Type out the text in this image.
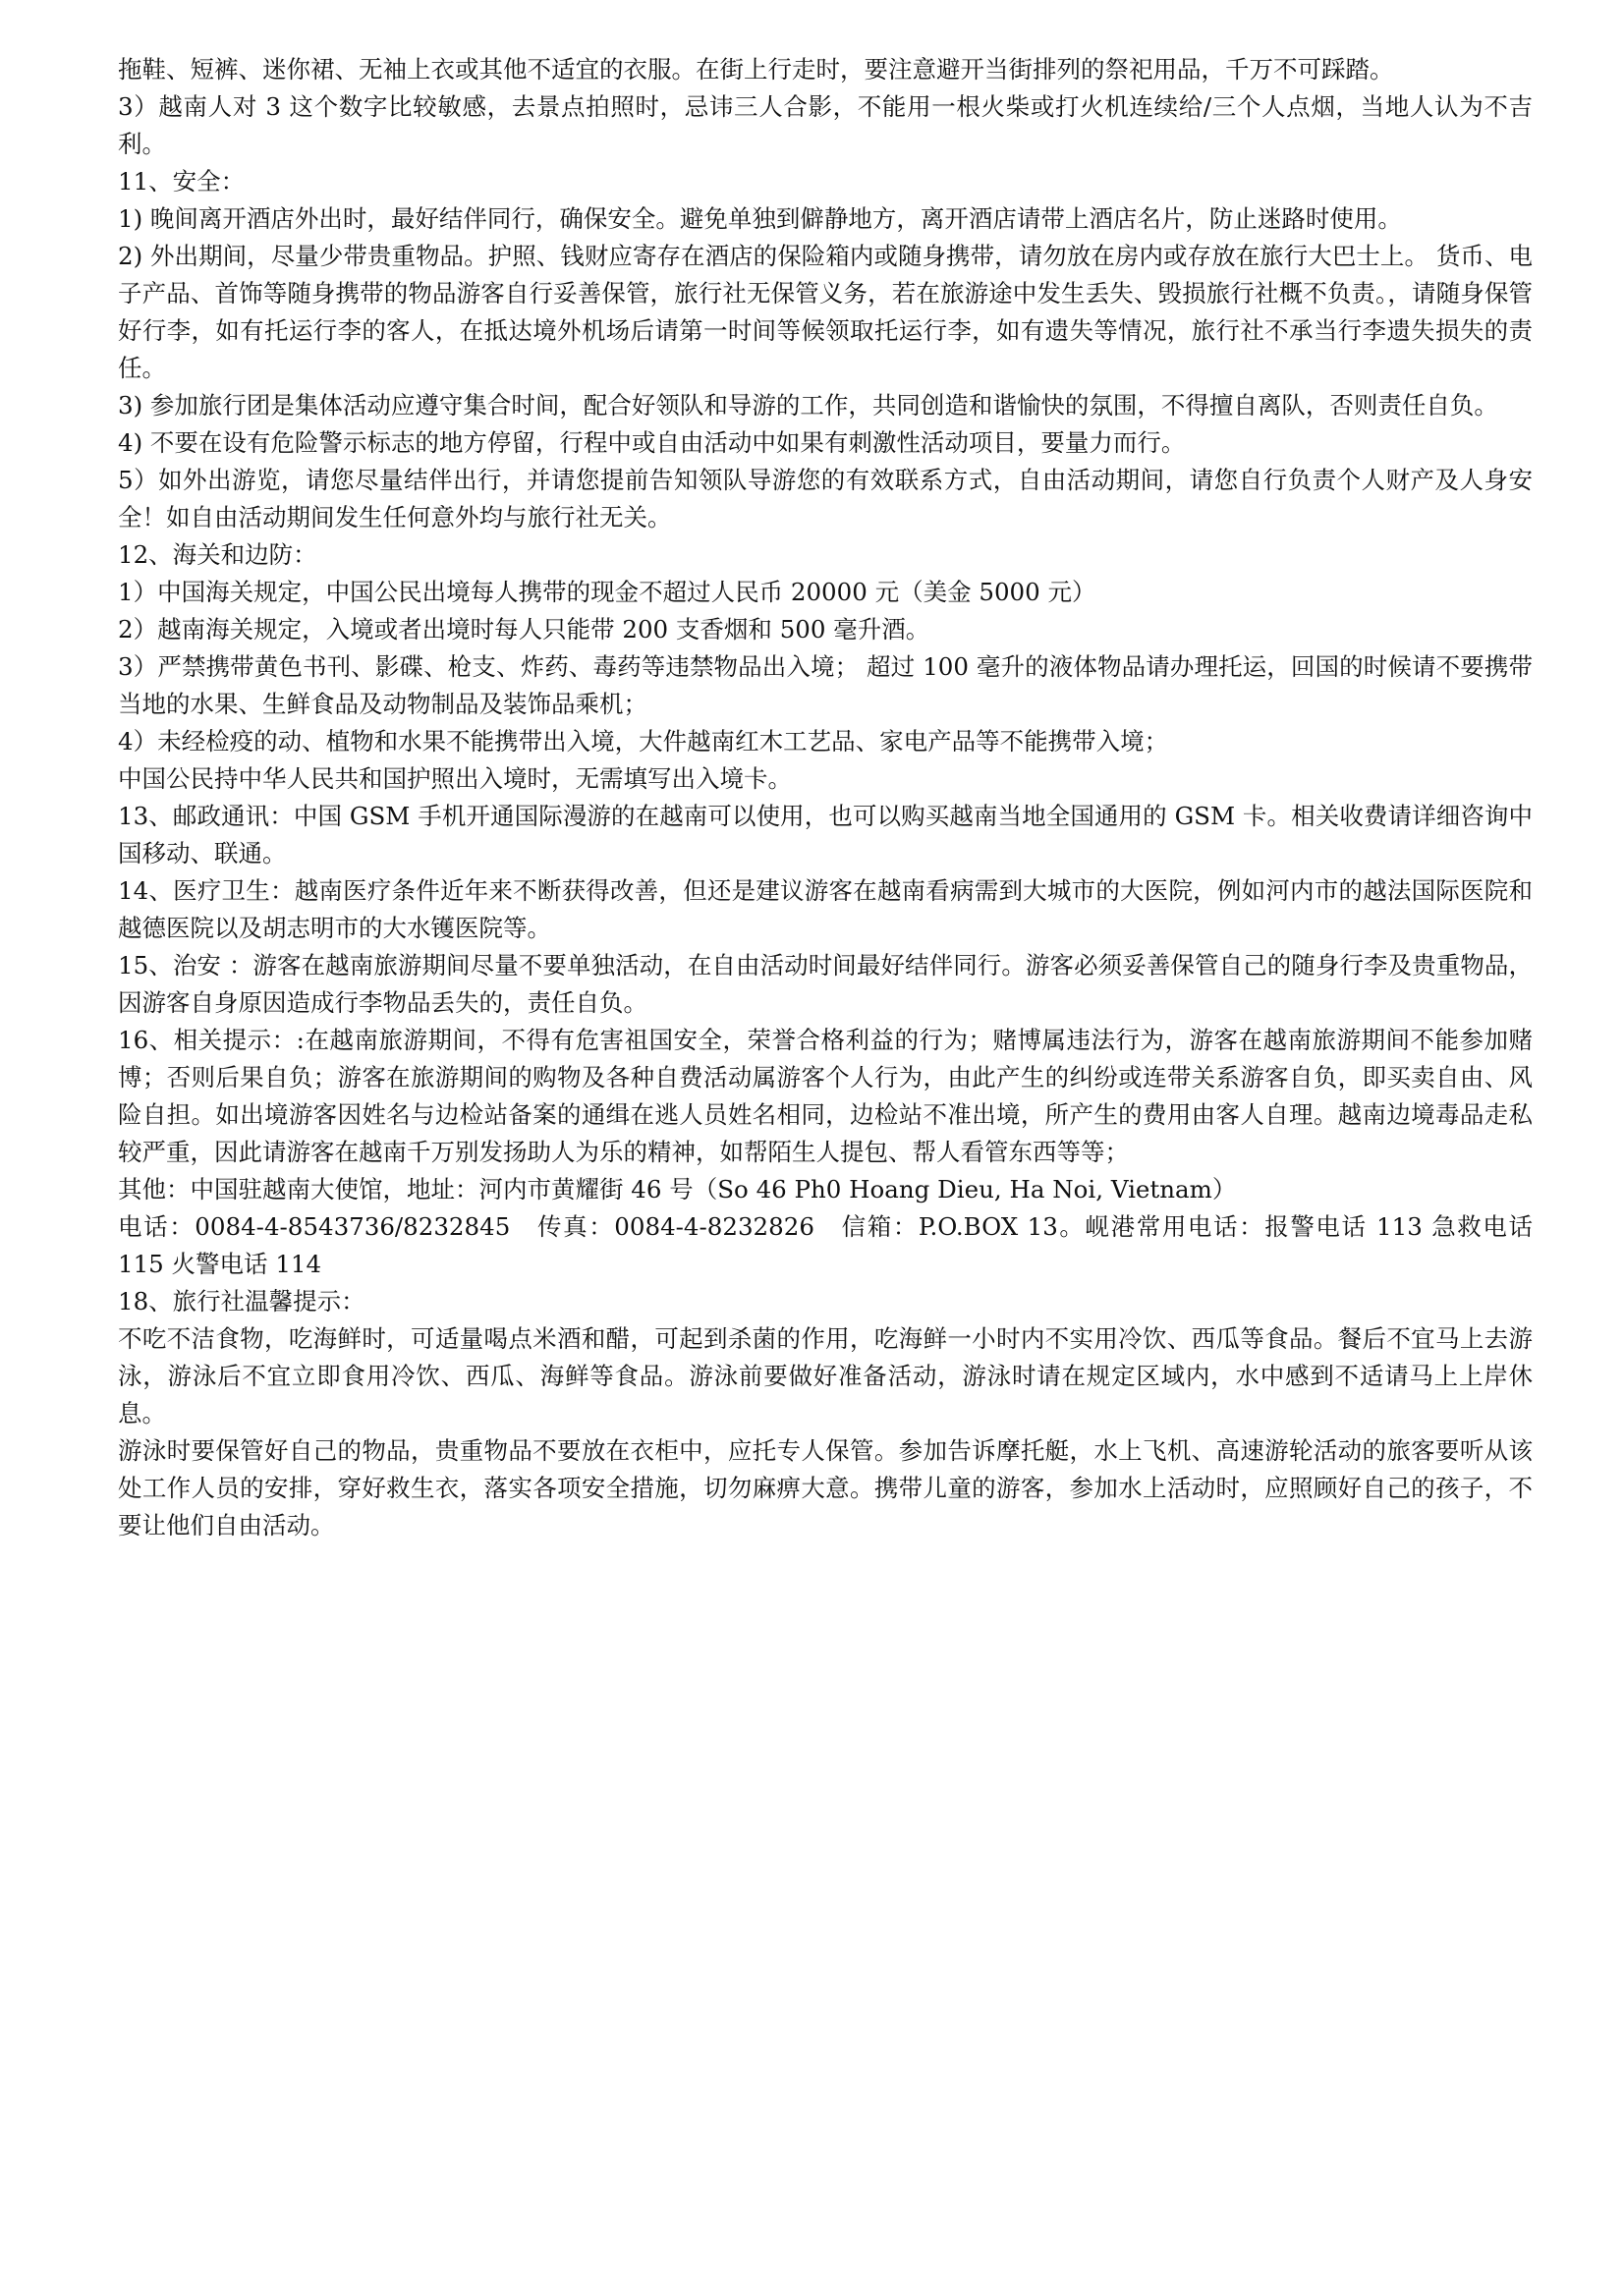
拖鞋、短裤、迷你裙、无袖上衣或其他不适宜的衣服。在街上行走时，要注意避开当街排列的祭祀用品，千万不可踩踏。

3）越南人对 3 这个数字比较敏感，去景点拍照时，忌讳三人合影，不能用一根火柴或打火机连续给/三个人点烟，当地人认为不吉利。

11、安全：

1) 晚间离开酒店外出时，最好结伴同行，确保安全。避免单独到僻静地方，离开酒店请带上酒店名片，防止迷路时使用。

2) 外出期间，尽量少带贵重物品。护照、钱财应寄存在酒店的保险箱内或随身携带，请勿放在房内或存放在旅行大巴士上。 货币、电子产品、首饰等随身携带的物品游客自行妥善保管，旅行社无保管义务，若在旅游途中发生丢失、毁损旅行社概不负责。，请随身保管好行李，如有托运行李的客人，在抵达境外机场后请第一时间等候领取托运行李，如有遗失等情况，旅行社不承当行李遗失损失的责任。

3) 参加旅行团是集体活动应遵守集合时间，配合好领队和导游的工作，共同创造和谐愉快的氛围，不得擅自离队，否则责任自负。

4) 不要在设有危险警示标志的地方停留，行程中或自由活动中如果有刺激性活动项目，要量力而行。

5）如外出游览，请您尽量结伴出行，并请您提前告知领队导游您的有效联系方式，自由活动期间，请您自行负责个人财产及人身安全！如自由活动期间发生任何意外均与旅行社无关。

12、海关和边防：

1）中国海关规定，中国公民出境每人携带的现金不超过人民币 20000 元（美金 5000 元）

2）越南海关规定，入境或者出境时每人只能带 200 支香烟和 500 毫升酒。

3）严禁携带黄色书刊、影碟、枪支、炸药、毒药等违禁物品出入境； 超过 100 毫升的液体物品请办理托运，回国的时候请不要携带当地的水果、生鲜食品及动物制品及装饰品乘机；

4）未经检疫的动、植物和水果不能携带出入境，大件越南红木工艺品、家电产品等不能携带入境；

中国公民持中华人民共和国护照出入境时，无需填写出入境卡。

13、邮政通讯：中国 GSM 手机开通国际漫游的在越南可以使用，也可以购买越南当地全国通用的 GSM 卡。相关收费请详细咨询中国移动、联通。

14、医疗卫生：越南医疗条件近年来不断获得改善，但还是建议游客在越南看病需到大城市的大医院，例如河内市的越法国际医院和越德医院以及胡志明市的大水镬医院等。

15、治安 ：游客在越南旅游期间尽量不要单独活动，在自由活动时间最好结伴同行。游客必须妥善保管自己的随身行李及贵重物品，因游客自身原因造成行李物品丢失的，责任自负。

16、相关提示：:在越南旅游期间，不得有危害祖国安全，荣誉合格利益的行为；赌博属违法行为，游客在越南旅游期间不能参加赌博；否则后果自负；游客在旅游期间的购物及各种自费活动属游客个人行为，由此产生的纠纷或连带关系游客自负，即买卖自由、风险自担。如出境游客因姓名与边检站备案的通缉在逃人员姓名相同，边检站不准出境，所产生的费用由客人自理。越南边境毒品走私较严重，因此请游客在越南千万别发扬助人为乐的精神，如帮陌生人提包、帮人看管东西等等；

其他：中国驻越南大使馆，地址：河内市黄耀街 46 号（So 46 Ph0 Hoang Dieu, Ha Noi, Vietnam）

电话：0084-4-8543736/8232845　传真：0084-4-8232826　信箱：P.O.BOX 13。岘港常用电话：报警电话 113 急救电话 115 火警电话 114

18、旅行社温馨提示：

不吃不洁食物，吃海鲜时，可适量喝点米酒和醋，可起到杀菌的作用，吃海鲜一小时内不实用冷饮、西瓜等食品。餐后不宜马上去游泳，游泳后不宜立即食用冷饮、西瓜、海鲜等食品。游泳前要做好准备活动，游泳时请在规定区域内，水中感到不适请马上上岸休息。

游泳时要保管好自己的物品，贵重物品不要放在衣柜中，应托专人保管。参加告诉摩托艇，水上飞机、高速游轮活动的旅客要听从该处工作人员的安排，穿好救生衣，落实各项安全措施，切勿麻痹大意。携带儿童的游客，参加水上活动时，应照顾好自己的孩子，不要让他们自由活动。
